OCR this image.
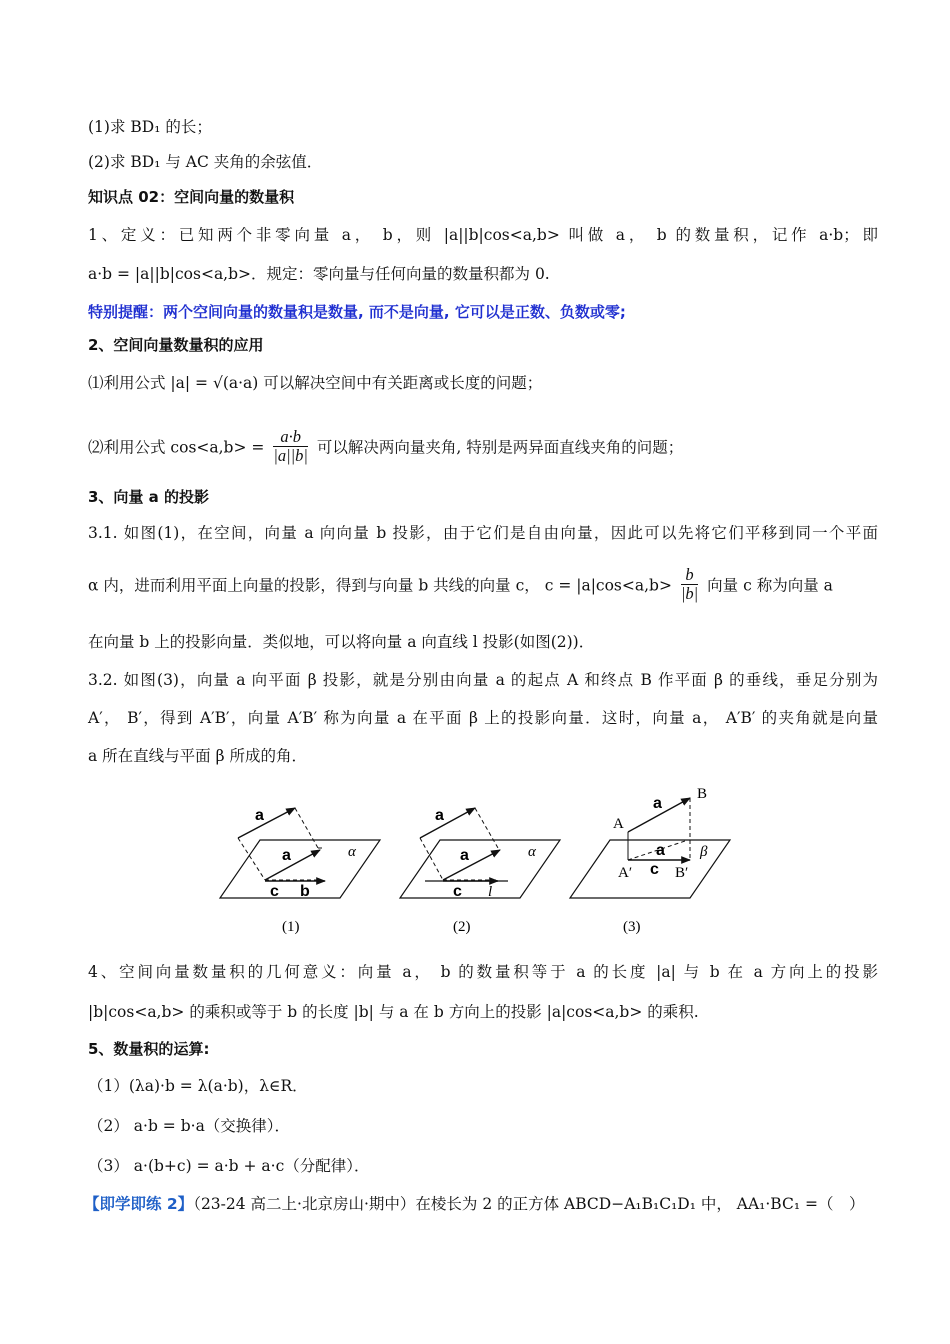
(1)求 BD₁ 的长；
(2)求 BD₁ 与 AC 夹角的余弦值．
知识点 02：空间向量的数量积
1、定义：已知两个非零向量 a， b，则 |a||b|cos<a,b> 叫做 a， b 的数量积，记作 a·b；即
a·b = |a||b|cos<a,b>．规定：零向量与任何向量的数量积都为 0.
特别提醒：两个空间向量的数量积是数量, 而不是向量, 它可以是正数、负数或零;
2、空间向量数量积的应用
⑴利用公式 |a| = √(a·a) 可以解决空间中有关距离或长度的问题；
⑵利用公式 $\cos<a,b> = \frac{a\cdot b}{|a||b|}$ 可以解决两向量夹角, 特别是两异面直线夹角的问题；
3、向量 a 的投影
3.1. 如图(1)，在空间，向量 a 向向量 b 投影，由于它们是自由向量，因此可以先将它们平移到同一个平面
α 内，进而利用平面上向量的投影，得到与向量 b 共线的向量 c， $c = |a|\cos<a,b> \frac{b}{|b|}$ 向量 c 称为向量 a
在向量 b 上的投影向量．类似地，可以将向量 a 向直线 l 投影(如图(2))．
3.2. 如图(3)，向量 a 向平面 β 投影，就是分别由向量 a 的起点 A 和终点 B 作平面 β 的垂线，垂足分别为
A′， B′，得到 A′B′，向量 A′B′ 称为向量 a 在平面 β 上的投影向量．这时，向量 a， A′B′ 的夹角就是向量
a 所在直线与平面 β 所成的角．
a
a
c b
α
(1)
a
a
c l
α
(2)
A
B
a
a
c
A′	B′
β
(3)
4、空间向量数量积的几何意义：向量 a， b 的数量积等于 a 的长度 |a| 与 b 在 a 方向上的投影
|b|cos<a,b> 的乘积或等于 b 的长度 |b| 与 a 在 b 方向上的投影 |a|cos<a,b> 的乘积.
5、数量积的运算:
（1）(λa)·b = λ(a·b)，λ∈R．
（2） a·b = b·a（交换律）．
（3） a·(b+c) = a·b + a·c（分配律）．
【即学即练 2】（23-24 高二上·北京房山·期中）在棱长为 2 的正方体 ABCD−A₁B₁C₁D₁ 中， AA₁·BC₁ =（　）
